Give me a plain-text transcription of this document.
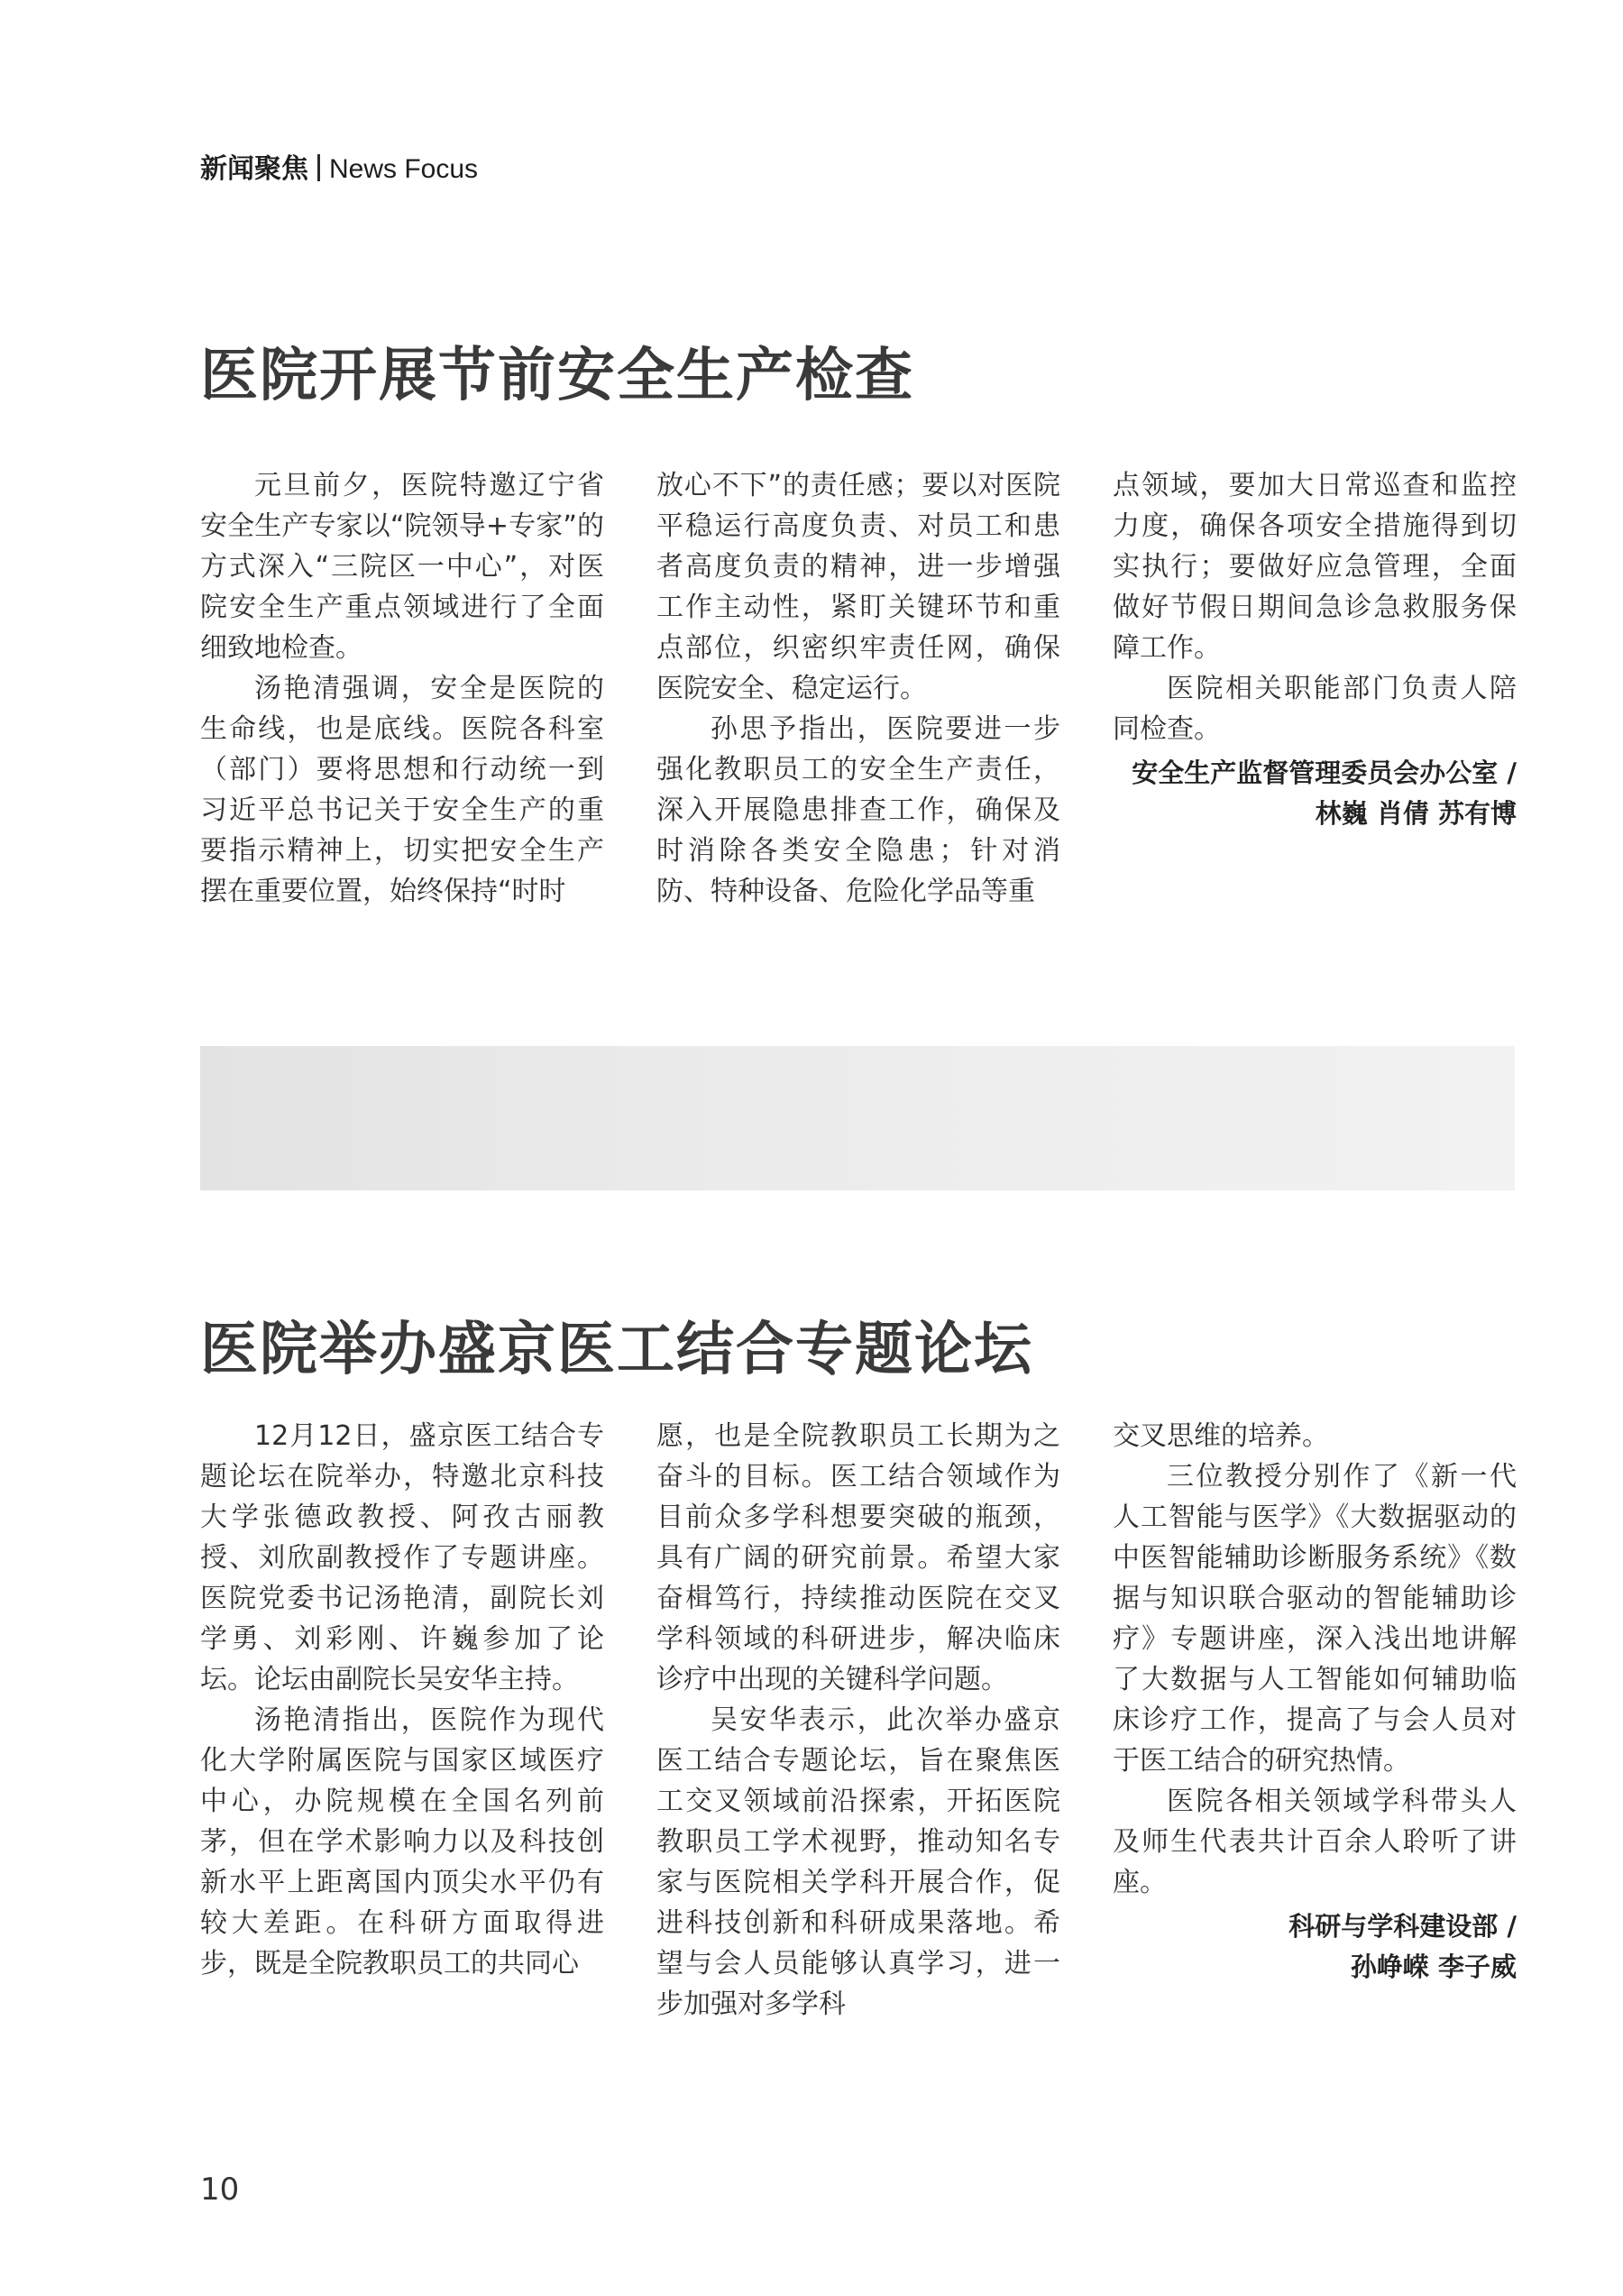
新闻聚焦 News Focus
医院开展节前安全生产检查

元旦前夕，医院特邀辽宁省安全生产专家以“院领导+专家”的方式深入“三院区一中心”，对医院安全生产重点领域进行了全面细致地检查。

汤艳清强调，安全是医院的生命线，也是底线。医院各科室（部门）要将思想和行动统一到习近平总书记关于安全生产的重要指示精神上，切实把安全生产摆在重要位置，始终保持“时时

放心不下”的责任感；要以对医院平稳运行高度负责、对员工和患者高度负责的精神，进一步增强工作主动性，紧盯关键环节和重点部位，织密织牢责任网，确保医院安全、稳定运行。

孙思予指出，医院要进一步强化教职员工的安全生产责任，深入开展隐患排查工作，确保及时消除各类安全隐患；针对消防、特种设备、危险化学品等重

点领域，要加大日常巡查和监控力度，确保各项安全措施得到切实执行；要做好应急管理，全面做好节假日期间急诊急救服务保障工作。

医院相关职能部门负责人陪同检查。

安全生产监督管理委员会办公室 /
林巍 肖倩 苏有博
医院举办盛京医工结合专题论坛

12月12日，盛京医工结合专题论坛在院举办，特邀北京科技大学张德政教授、阿孜古丽教授、刘欣副教授作了专题讲座。医院党委书记汤艳清，副院长刘学勇、刘彩刚、许巍参加了论坛。论坛由副院长吴安华主持。

汤艳清指出，医院作为现代化大学附属医院与国家区域医疗中心，办院规模在全国名列前茅，但在学术影响力以及科技创新水平上距离国内顶尖水平仍有较大差距。在科研方面取得进步，既是全院教职员工的共同心

愿，也是全院教职员工长期为之奋斗的目标。医工结合领域作为目前众多学科想要突破的瓶颈，具有广阔的研究前景。希望大家奋楫笃行，持续推动医院在交叉学科领域的科研进步，解决临床诊疗中出现的关键科学问题。

吴安华表示，此次举办盛京医工结合专题论坛，旨在聚焦医工交叉领域前沿探索，开拓医院教职员工学术视野，推动知名专家与医院相关学科开展合作，促进科技创新和科研成果落地。希望与会人员能够认真学习，进一步加强对多学科

交叉思维的培养。

三位教授分别作了《新一代人工智能与医学》《大数据驱动的中医智能辅助诊断服务系统》《数据与知识联合驱动的智能辅助诊疗》专题讲座，深入浅出地讲解了大数据与人工智能如何辅助临床诊疗工作，提高了与会人员对于医工结合的研究热情。

医院各相关领域学科带头人及师生代表共计百余人聆听了讲座。

科研与学科建设部 /
孙峥嵘 李子威
10
